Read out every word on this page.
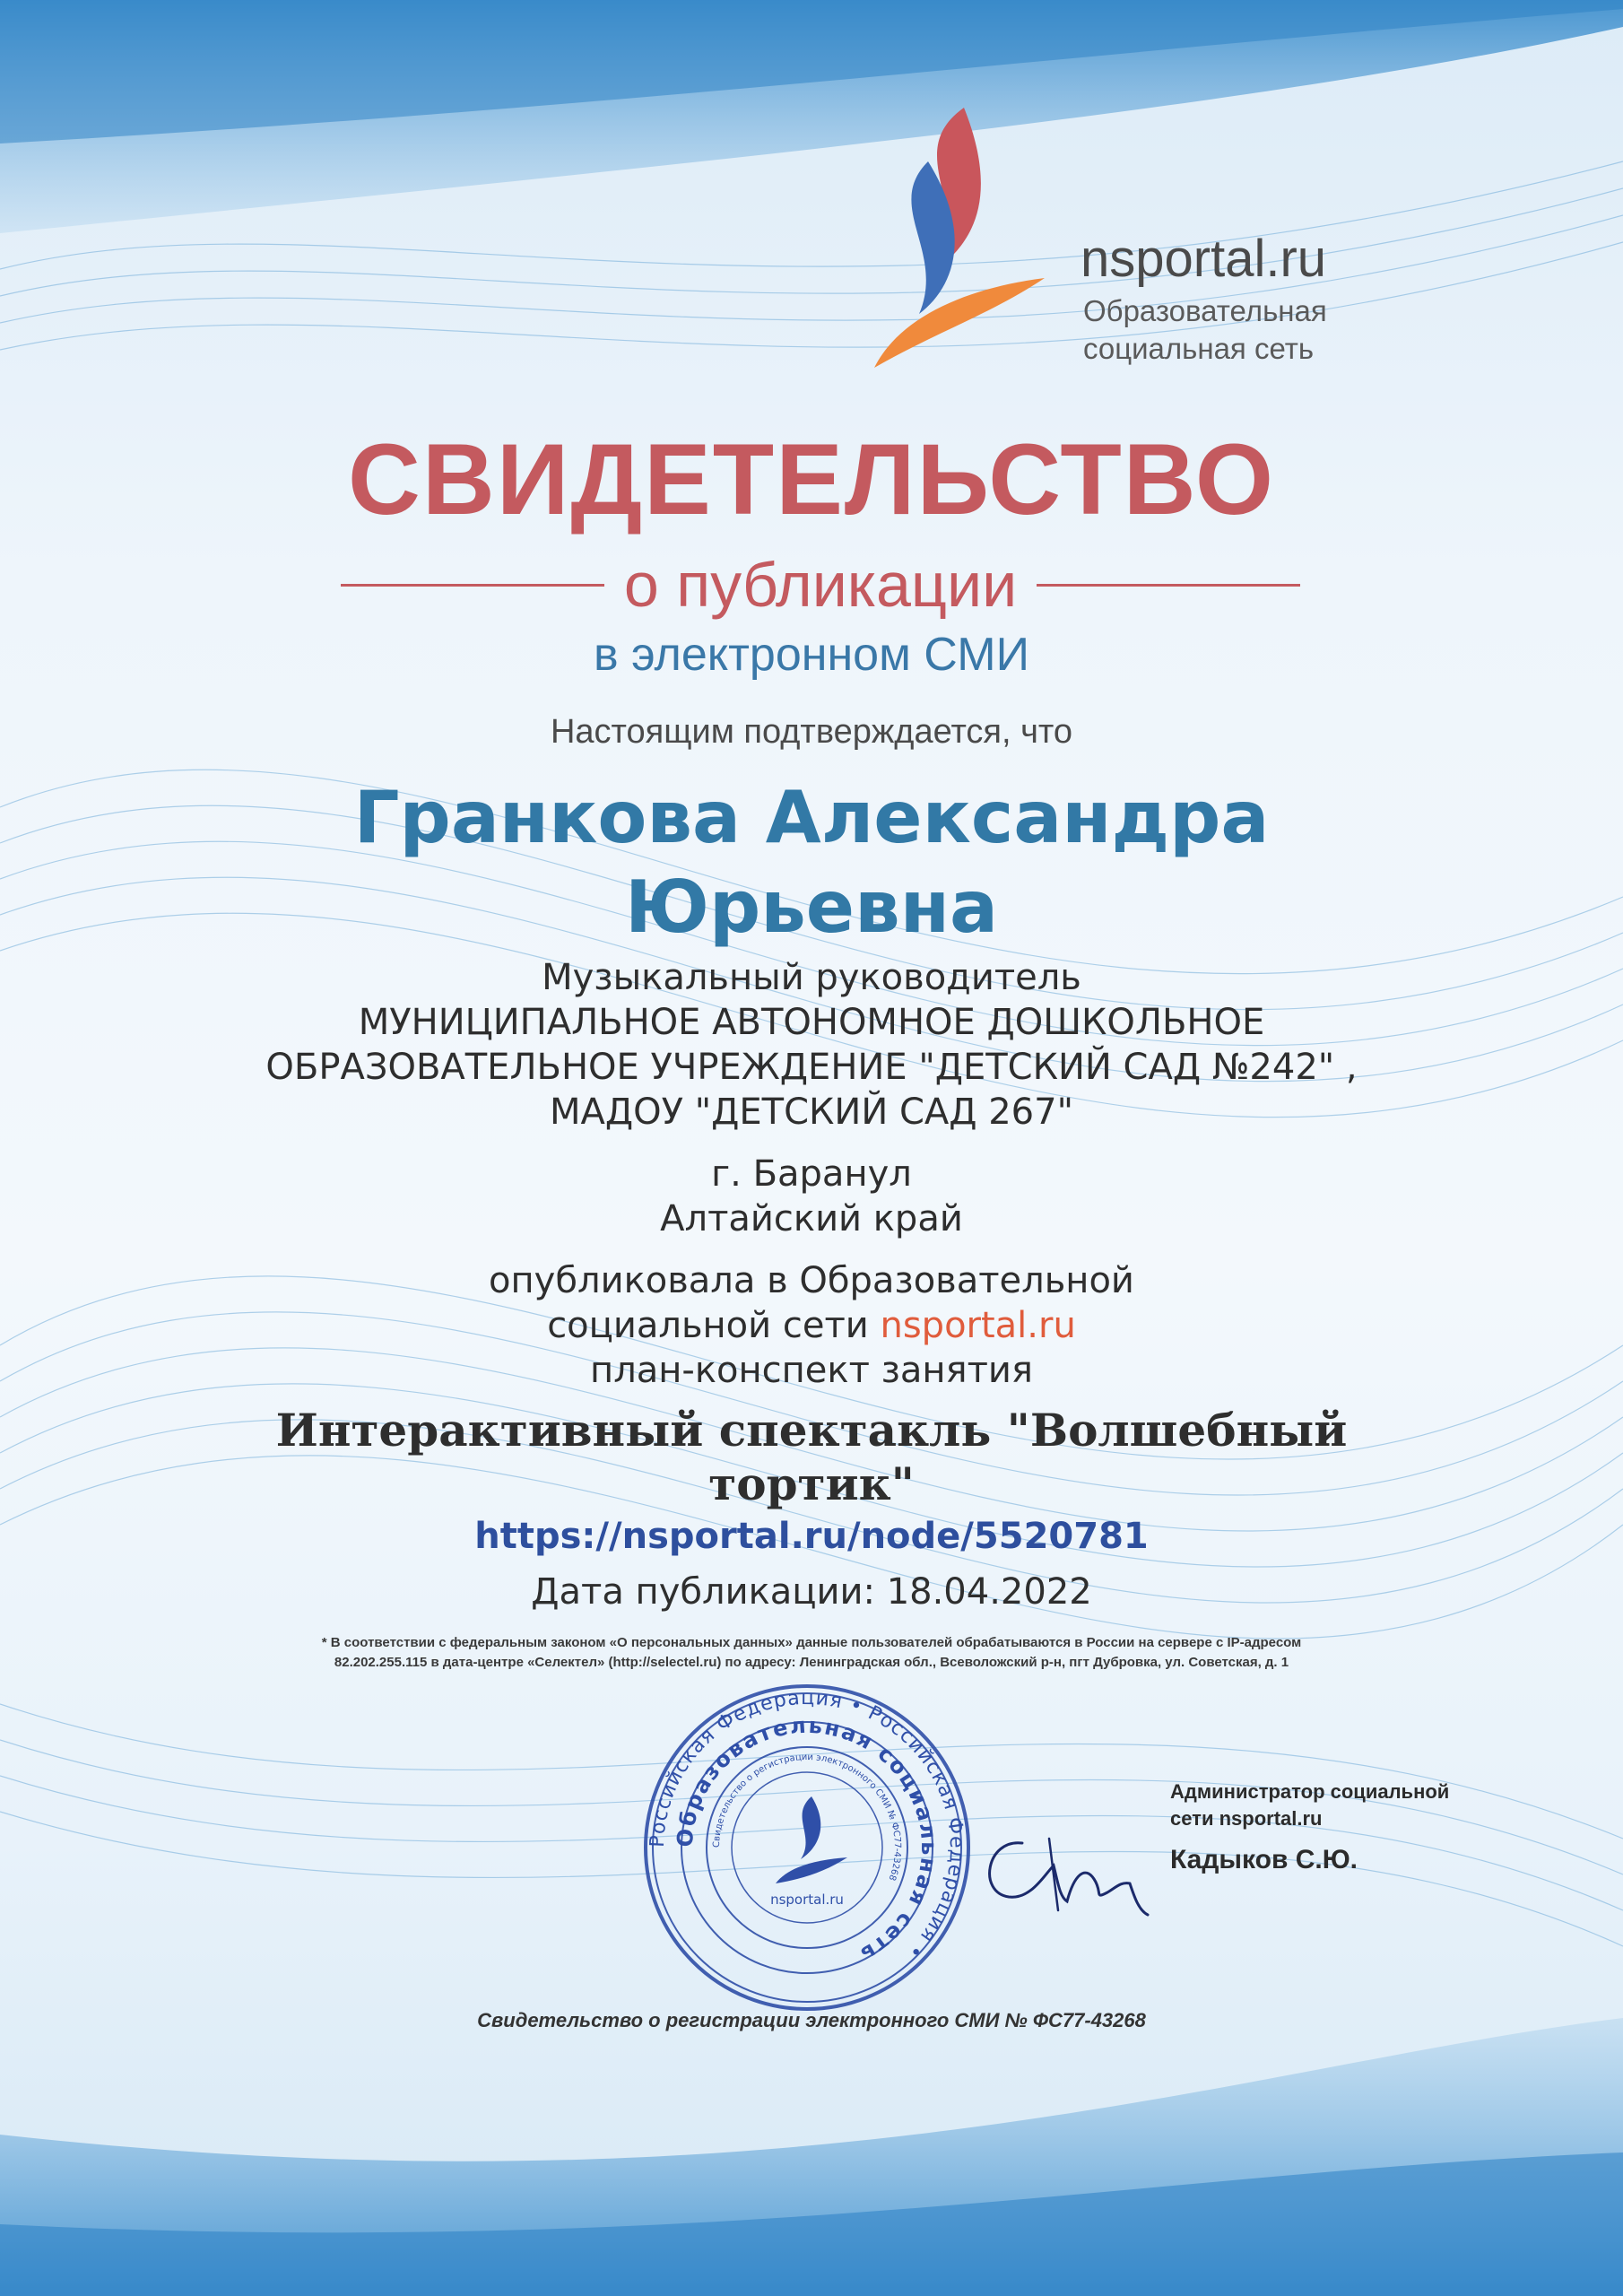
nsportal.ru
Образовательная
социальная сеть
СВИДЕТЕЛЬСТВО
о публикации
в электронном СМИ
Настоящим подтверждается, что
Гранкова Александра
Юрьевна
Музыкальный руководитель
МУНИЦИПАЛЬНОЕ АВТОНОМНОЕ ДОШКОЛЬНОЕ
ОБРАЗОВАТЕЛЬНОЕ УЧРЕЖДЕНИЕ "ДЕТСКИЙ САД №242" ,
МАДОУ "ДЕТСКИЙ САД 267"
г. Баранул
Алтайский край
опубликовала в Образовательной
социальной сети nsportal.ru
план-конспект занятия
Интерактивный спектакль "Волшебный
тортик"
https://nsportal.ru/node/5520781
Дата публикации: 18.04.2022
* В соответствии с федеральным законом «О персональных данных» данные пользователей обрабатываются в России на сервере с IP-адресом
82.202.255.115 в дата-центре «Селектел» (http://selectel.ru) по адресу: Ленинградская обл., Всеволожский р-н, пгт Дубровка, ул. Советская, д. 1
Российская Федерация • Российская Федерация •
Образовательная социальная сеть
Свидетельство о регистрации электронного СМИ № ФС77-43268
nsportal.ru
Администратор социальной
сети nsportal.ru
Кадыков С.Ю.
Свидетельство о регистрации электронного СМИ № ФС77-43268
